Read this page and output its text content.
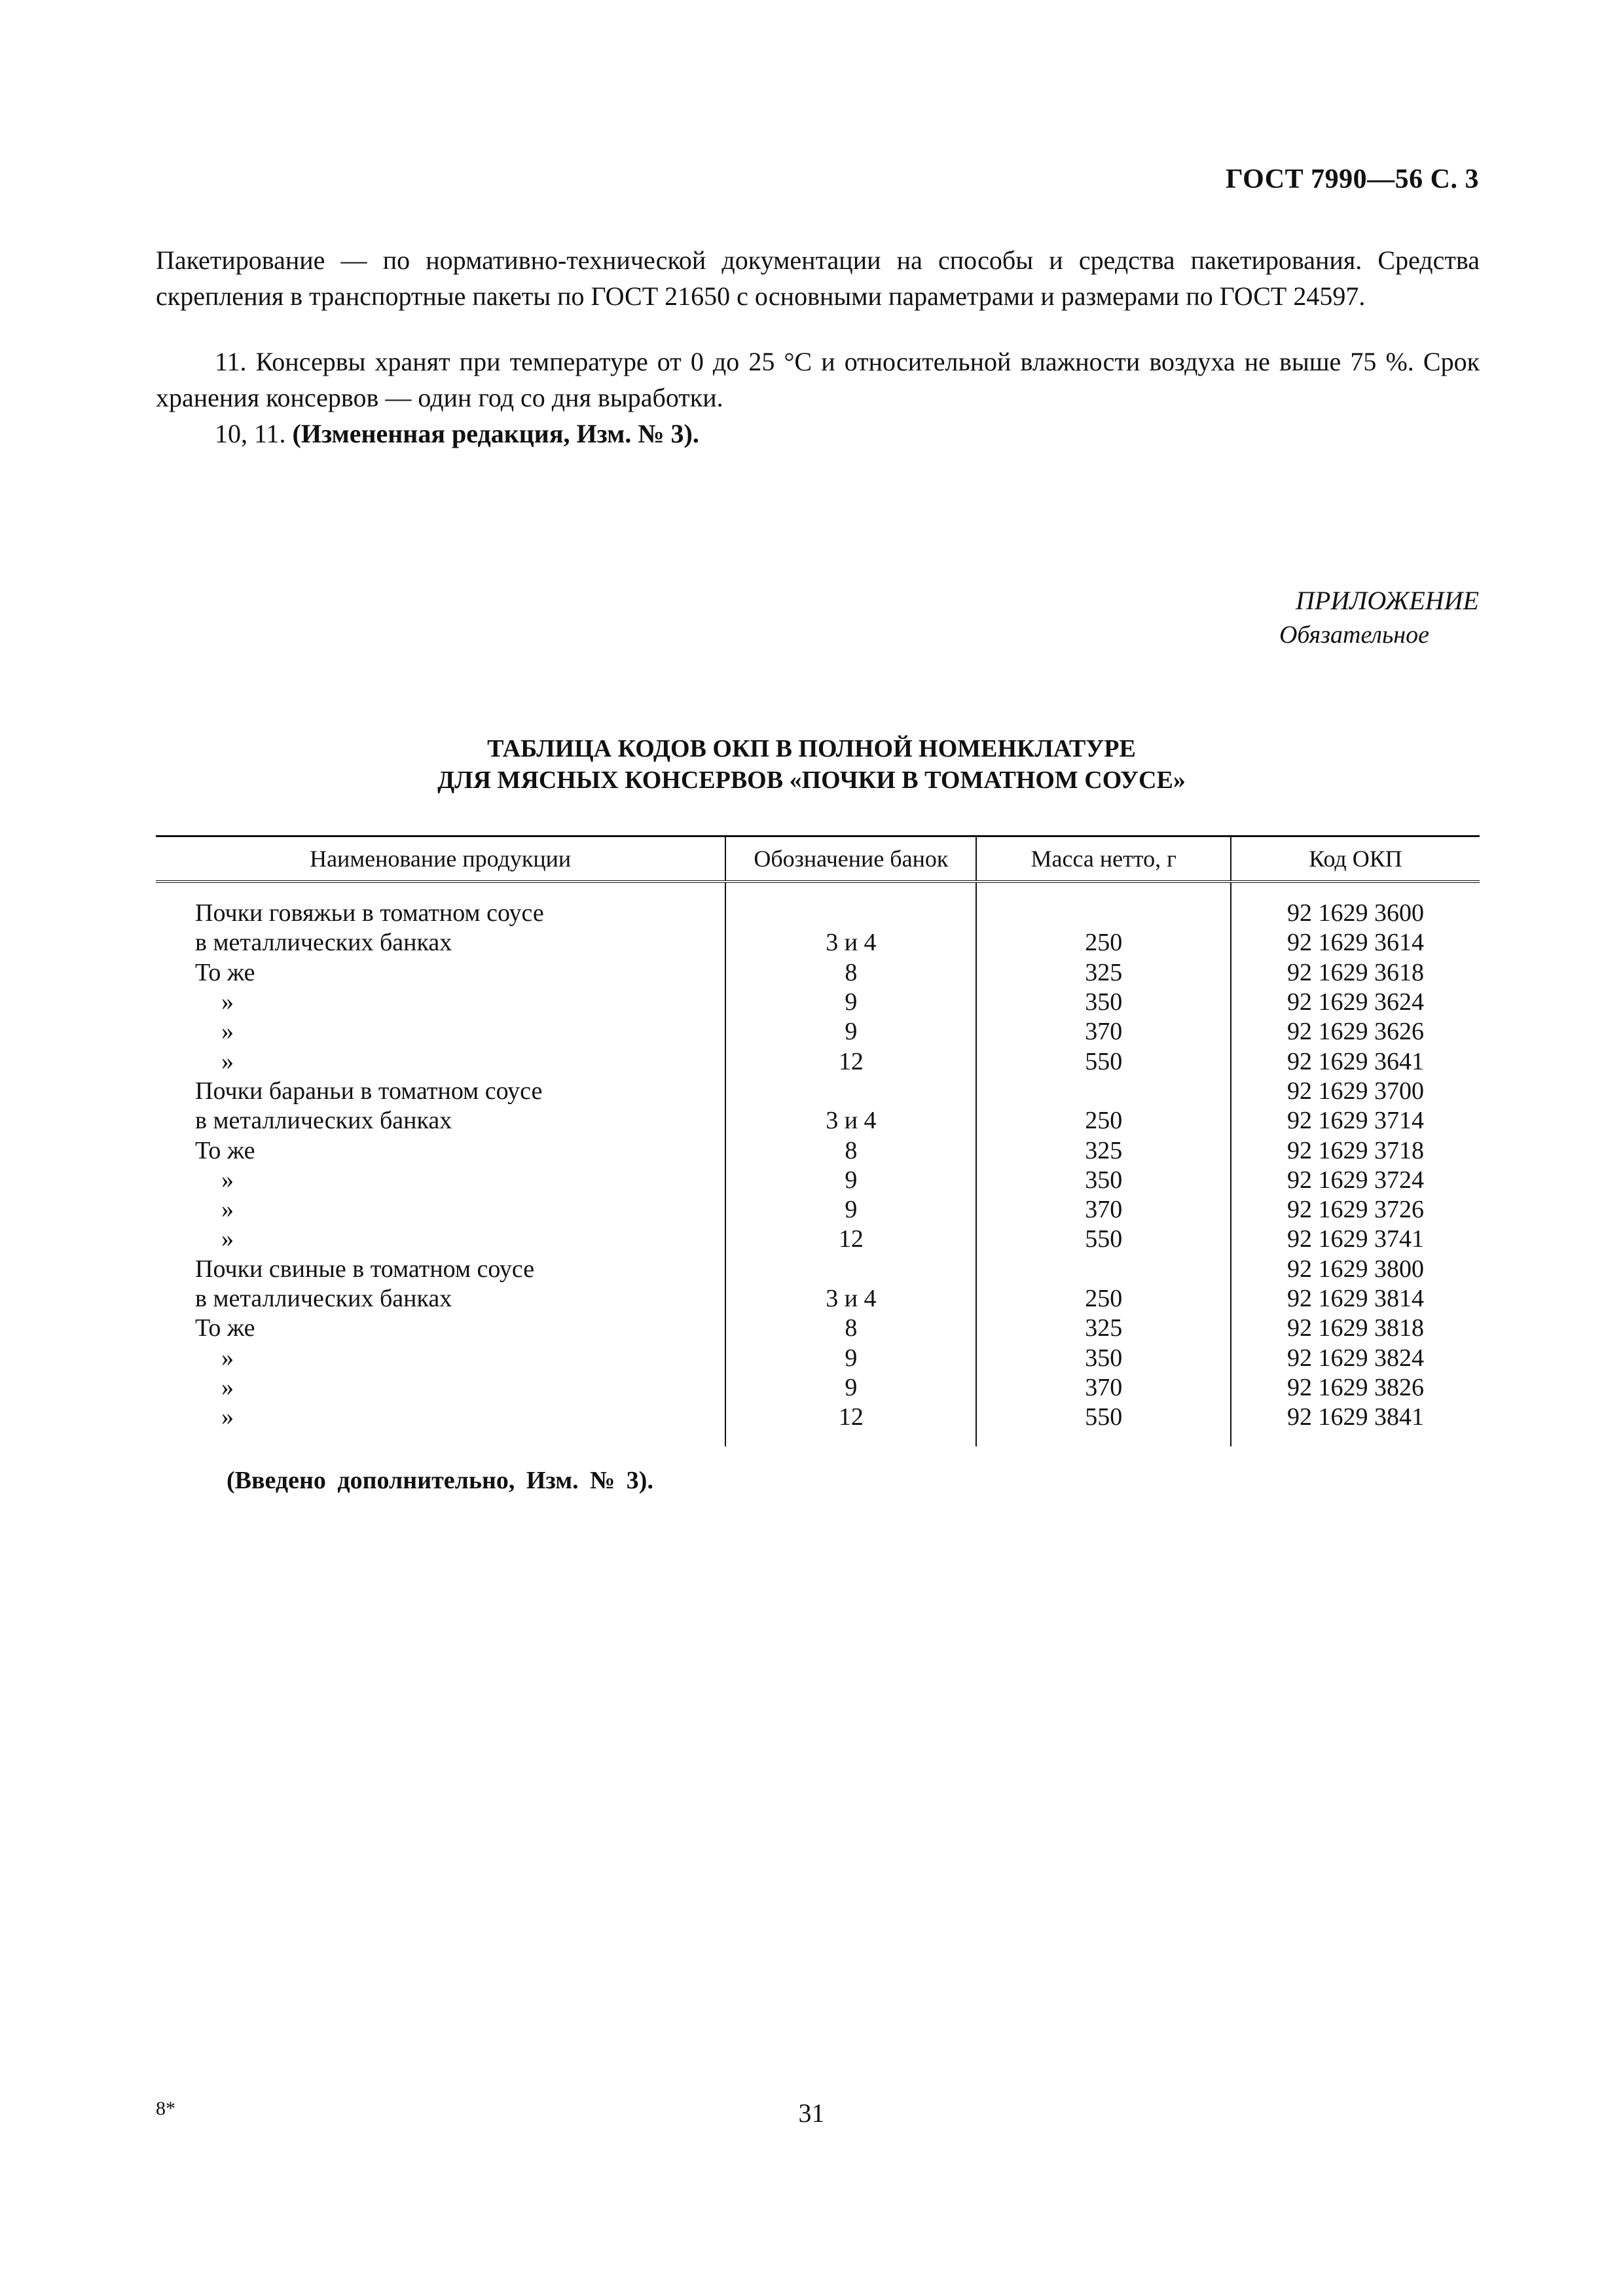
ГОСТ 7990—56 С. 3
Пакетирование — по нормативно-технической документации на способы и средства пакетирования. Средства скрепления в транспортные пакеты по ГОСТ 21650 с основными параметрами и размерами по ГОСТ 24597.
11. Консервы хранят при температуре от 0 до 25 °С и относительной влажности воздуха не выше 75 %. Срок хранения консервов — один год со дня выработки.
10, 11. (Измененная редакция, Изм. № 3).
ПРИЛОЖЕНИЕ
Обязательное
ТАБЛИЦА КОДОВ ОКП В ПОЛНОЙ НОМЕНКЛАТУРЕ
ДЛЯ МЯСНЫХ КОНСЕРВОВ «ПОЧКИ В ТОМАТНОМ СОУСЕ»
Наименование продукции	Обозначение банок	Масса нетто, г	Код ОКП
Почки говяжьи в томатном соусе			92 1629 3600
в металлических банках	3 и 4	250	92 1629 3614
То же	8	325	92 1629 3618
»	9	350	92 1629 3624
»	9	370	92 1629 3626
»	12	550	92 1629 3641
Почки бараньи в томатном соусе			92 1629 3700
в металлических банках	3 и 4	250	92 1629 3714
То же	8	325	92 1629 3718
»	9	350	92 1629 3724
»	9	370	92 1629 3726
»	12	550	92 1629 3741
Почки свиные в томатном соусе			92 1629 3800
в металлических банках	3 и 4	250	92 1629 3814
То же	8	325	92 1629 3818
»	9	350	92 1629 3824
»	9	370	92 1629 3826
»	12	550	92 1629 3841
(Введено дополнительно, Изм. № 3).
8*	31
